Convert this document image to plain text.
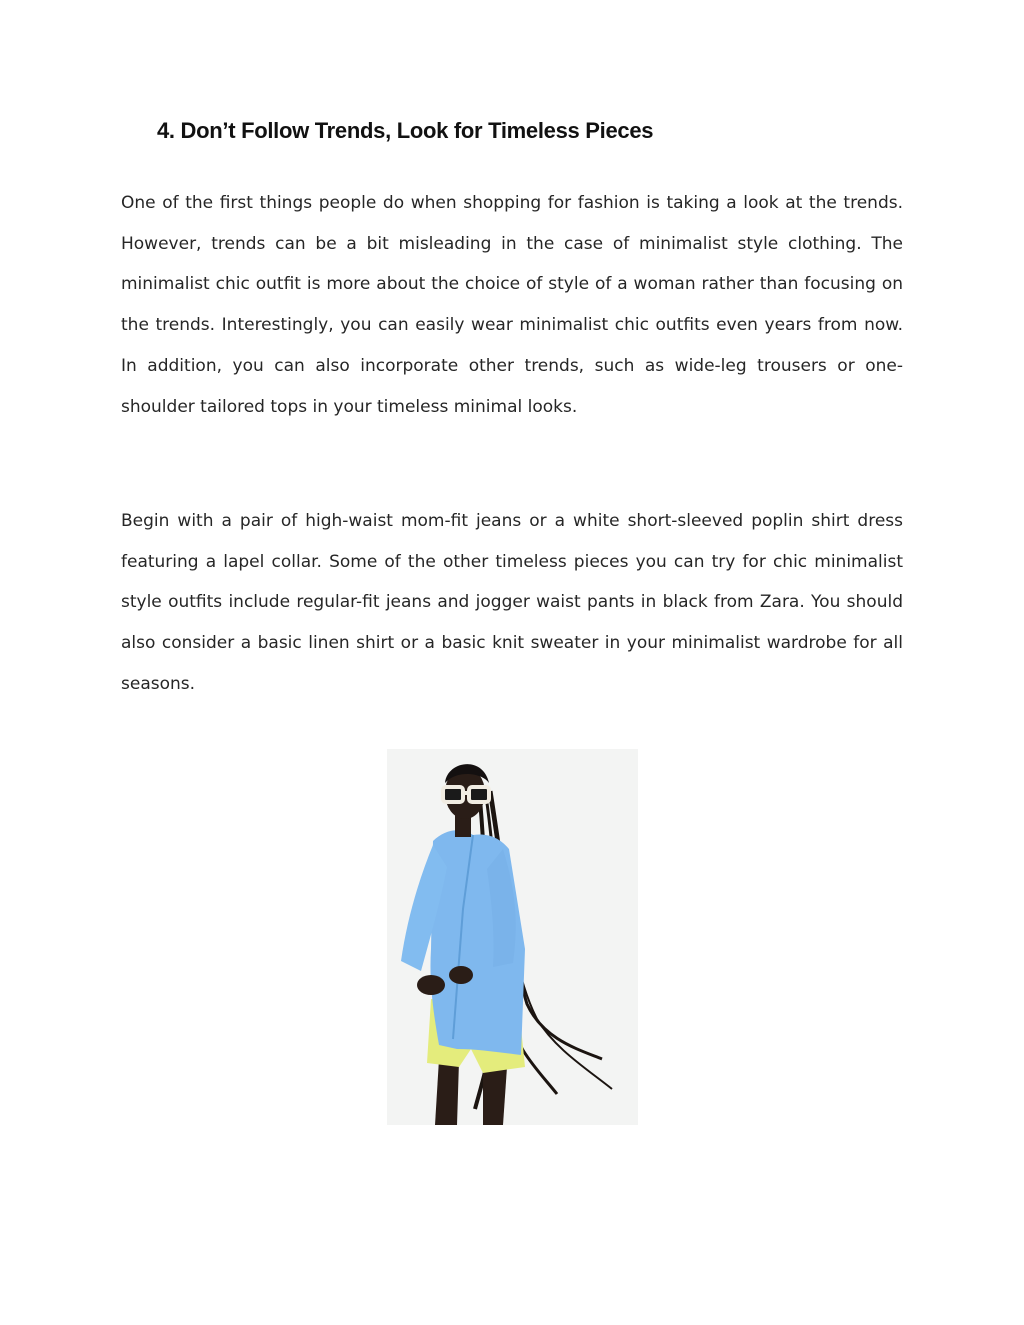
4. Don’t Follow Trends, Look for Timeless Pieces

One of the first things people do when shopping for fashion is taking a look at the trends. However, trends can be a bit misleading in the case of minimalist style clothing. The minimalist chic outfit is more about the choice of style of a woman rather than focusing on the trends. Interestingly, you can easily wear minimalist chic outfits even years from now. In addition, you can also incorporate other trends, such as wide-leg trousers or one-shoulder tailored tops in your timeless minimal looks.

Begin with a pair of high-waist mom-fit jeans or a white short-sleeved poplin shirt dress featuring a lapel collar. Some of the other timeless pieces you can try for chic minimalist style outfits include regular-fit jeans and jogger waist pants in black from Zara. You should also consider a basic linen shirt or a basic knit sweater in your minimalist wardrobe for all seasons.
